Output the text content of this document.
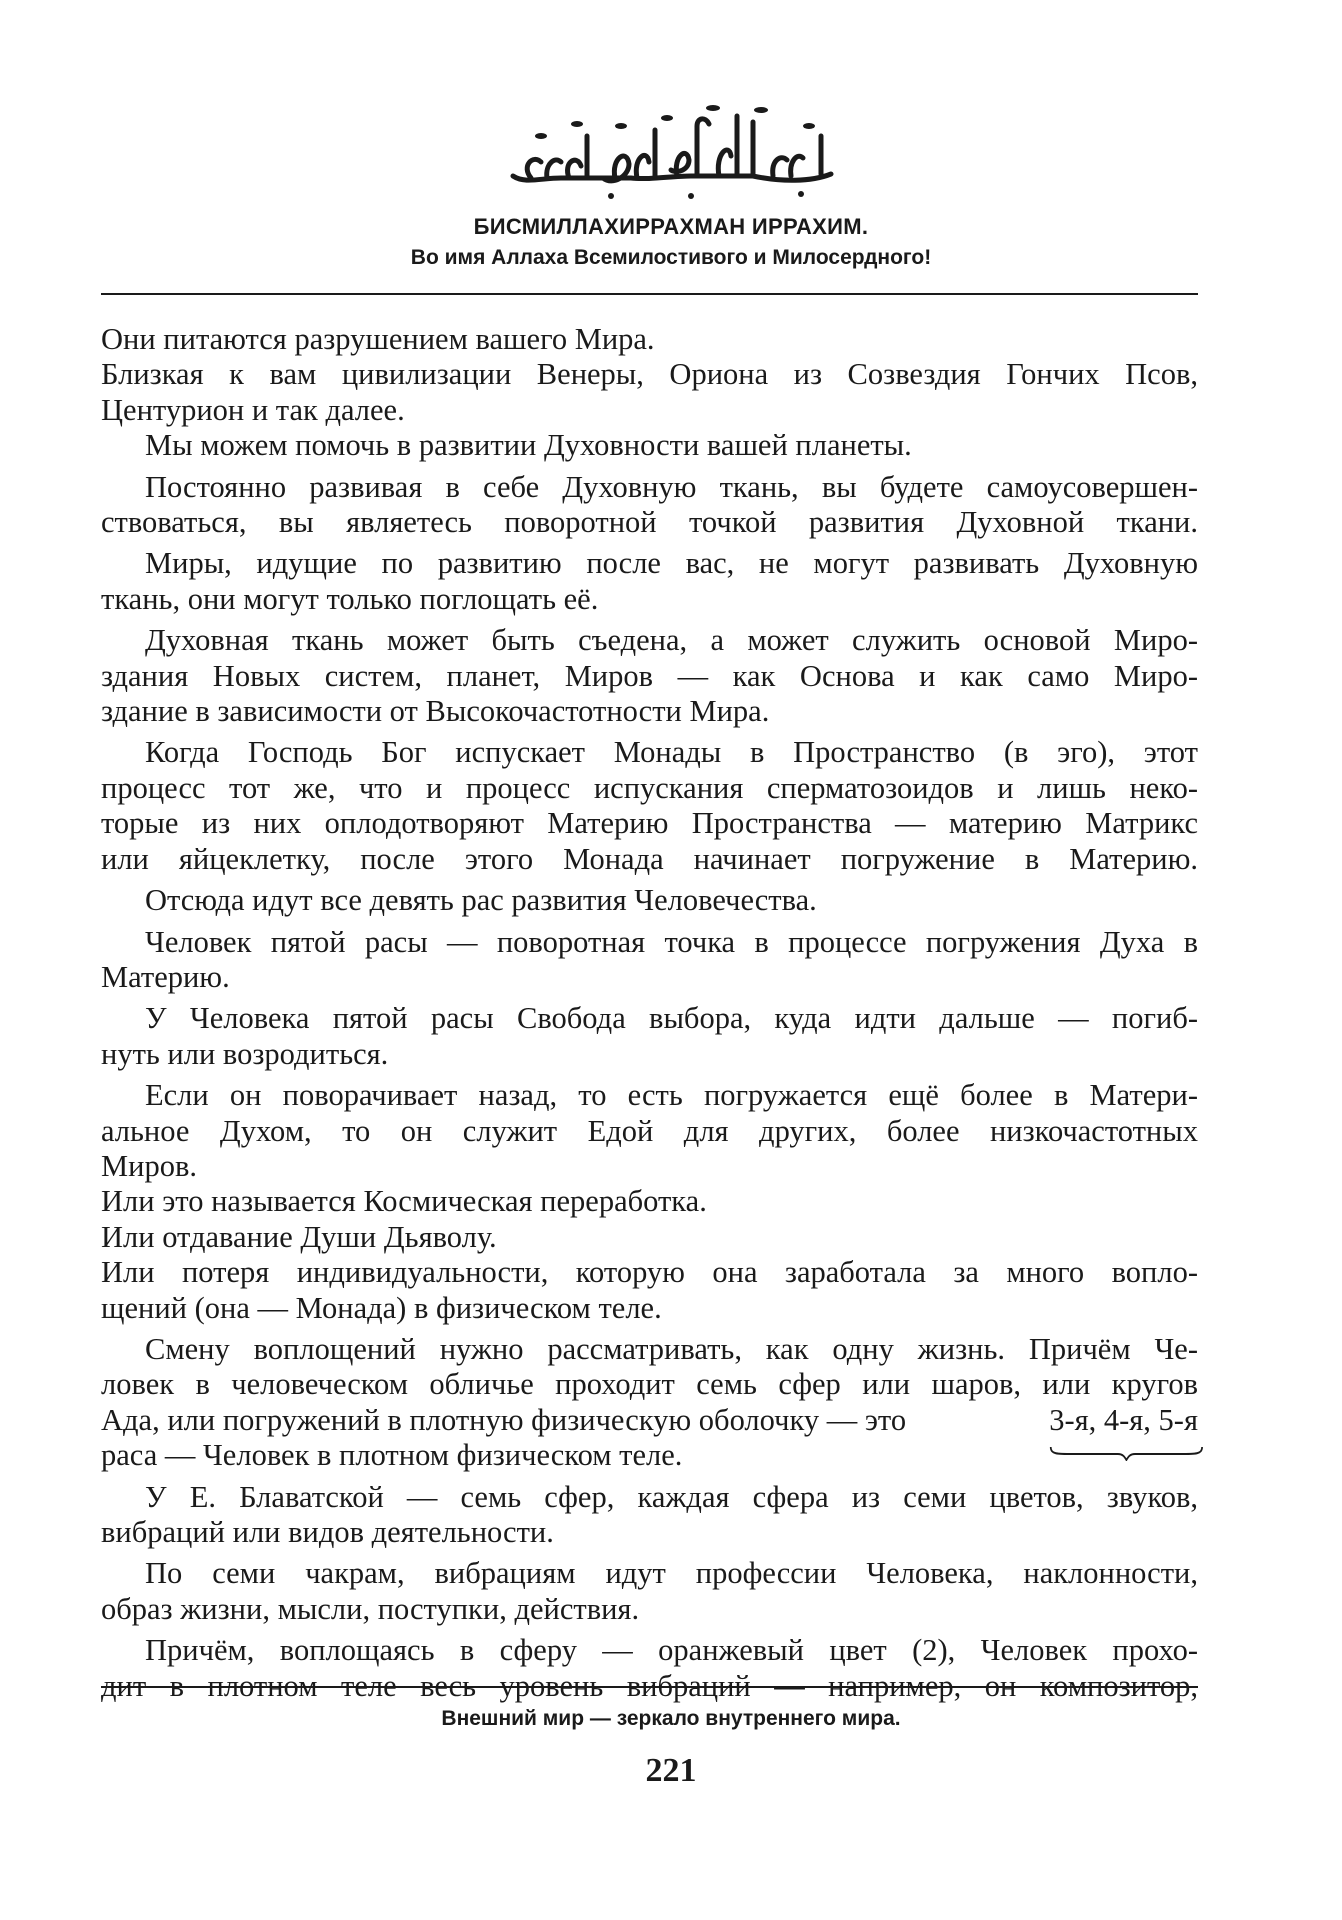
БИСМИЛЛАХИРРАХМАН ИРРАХИМ.
Во имя Аллаха Всемилостивого и Милосердного!
Они питаются разрушением вашего Мира.
Близкая к вам цивилизации Венеры, Ориона из Созвездия Гончих Псов,
Центурион и так далее.
Мы можем помочь в развитии Духовности вашей планеты.
Постоянно развивая в себе Духовную ткань, вы будете самоусовершен-
ствоваться, вы являетесь поворотной точкой развития Духовной ткани.
Миры, идущие по развитию после вас, не могут развивать Духовную
ткань, они могут только поглощать её.
Духовная ткань может быть съедена, а может служить основой Миро-
здания Новых систем, планет, Миров — как Основа и как само Миро-
здание в зависимости от Высокочастотности Мира.
Когда Господь Бог испускает Монады в Пространство (в эго), этот
процесс тот же, что и процесс испускания сперматозоидов и лишь неко-
торые из них оплодотворяют Материю Пространства — материю Матрикс
или яйцеклетку, после этого Монада начинает погружение в Материю.
Отсюда идут все девять рас развития Человечества.
Человек пятой расы — поворотная точка в процессе погружения Духа в
Материю.
У Человека пятой расы Свобода выбора, куда идти дальше — погиб-
нуть или возродиться.
Если он поворачивает назад, то есть погружается ещё более в Матери-
альное Духом, то он служит Едой для других, более низкочастотных
Миров.
Или это называется Космическая переработка.
Или отдавание Души Дьяволу.
Или потеря индивидуальности, которую она заработала за много вопло-
щений (она — Монада) в физическом теле.
Смену воплощений нужно рассматривать, как одну жизнь. Причём Че-
ловек в человеческом обличье проходит семь сфер или шаров, или кругов
Ада, или погружений в плотную физическую оболочку — это	3-я, 4-я, 5-я
раса — Человек в плотном физическом теле.
У Е. Блаватской — семь сфер, каждая сфера из семи цветов, звуков,
вибраций или видов деятельности.
По семи чакрам, вибрациям идут профессии Человека, наклонности,
образ жизни, мысли, поступки, действия.
Причём, воплощаясь в сферу — оранжевый цвет (2), Человек прохо-
дит в плотном теле весь уровень вибраций — например, он композитор,
Внешний мир — зеркало внутреннего мира.
221
